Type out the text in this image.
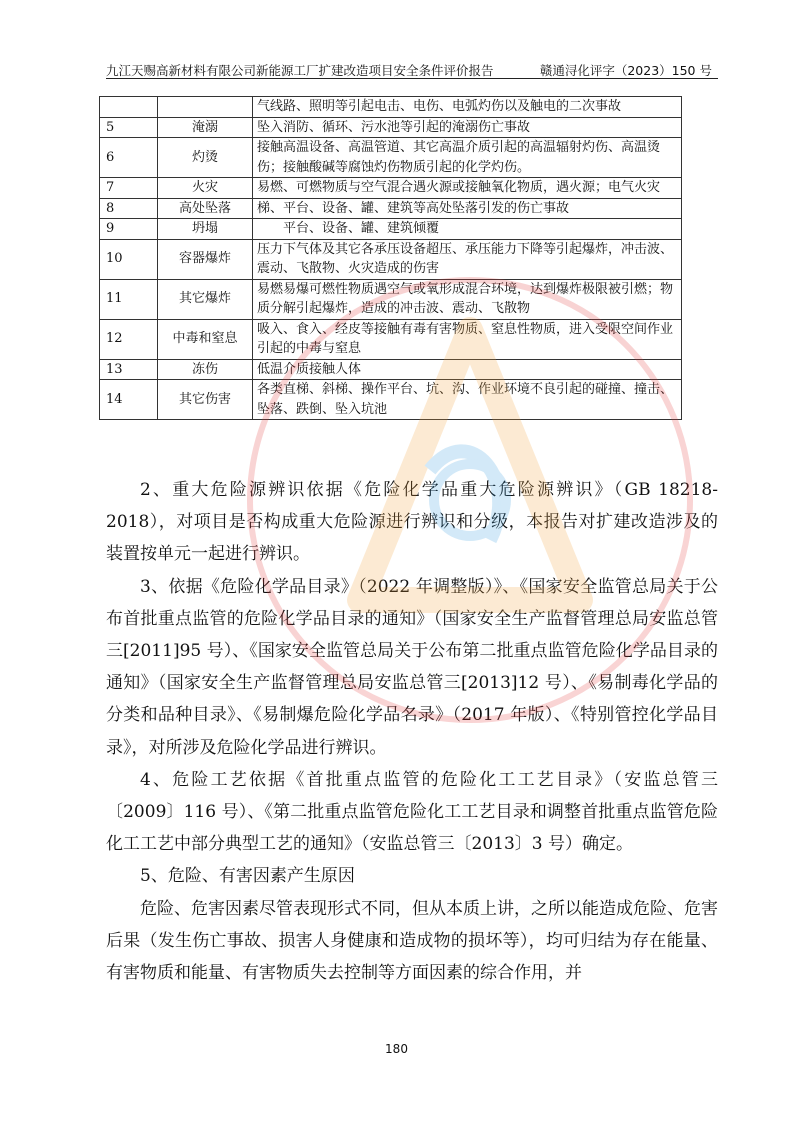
九江天赐高新材料有限公司新能源工厂扩建改造项目安全条件评价报告	赣通浔化评字（2023）150 号
		气线路、照明等引起电击、电伤、电弧灼伤以及触电的二次事故
5	淹溺	坠入消防、循环、污水池等引起的淹溺伤亡事故
6	灼烫	接触高温设备、高温管道、其它高温介质引起的高温辐射灼伤、高温烫伤；接触酸碱等腐蚀灼伤物质引起的化学灼伤。
7	火灾	易燃、可燃物质与空气混合遇火源或接触氧化物质，遇火源；电气火灾
8	高处坠落	梯、平台、设备、罐、建筑等高处坠落引发的伤亡事故
9	坍塌	　　平台、设备、罐、建筑倾覆
10	容器爆炸	压力下气体及其它各承压设备超压、承压能力下降等引起爆炸，冲击波、震动、飞散物、火灾造成的伤害
11	其它爆炸	易燃易爆可燃性物质遇空气或氧形成混合环境，达到爆炸极限被引燃；物质分解引起爆炸，造成的冲击波、震动、飞散物
12	中毒和窒息	吸入、食入、经皮等接触有毒有害物质、窒息性物质，进入受限空间作业引起的中毒与窒息
13	冻伤	低温介质接触人体
14	其它伤害	各类直梯、斜梯、操作平台、坑、沟、作业环境不良引起的碰撞、撞击、坠落、跌倒、坠入坑池

2、重大危险源辨识依据《危险化学品重大危险源辨识》（GB 18218-2018），对项目是否构成重大危险源进行辨识和分级，本报告对扩建改造涉及的装置按单元一起进行辨识。

3、依据《危险化学品目录》（2022 年调整版）》、《国家安全监管总局关于公布首批重点监管的危险化学品目录的通知》（国家安全生产监督管理总局安监总管三[2011]95 号）、《国家安全监管总局关于公布第二批重点监管危险化学品目录的通知》（国家安全生产监督管理总局安监总管三[2013]12 号）、《易制毒化学品的分类和品种目录》、《易制爆危险化学品名录》（2017 年版）、《特别管控化学品目录》，对所涉及危险化学品进行辨识。

4、危险工艺依据《首批重点监管的危险化工工艺目录》（安监总管三〔2009〕116 号）、《第二批重点监管危险化工工艺目录和调整首批重点监管危险化工工艺中部分典型工艺的通知》（安监总管三〔2013〕3 号）确定。

5、危险、有害因素产生原因

危险、危害因素尽管表现形式不同，但从本质上讲，之所以能造成危险、危害后果（发生伤亡事故、损害人身健康和造成物的损坏等），均可归结为存在能量、有害物质和能量、有害物质失去控制等方面因素的综合作用，并

180
